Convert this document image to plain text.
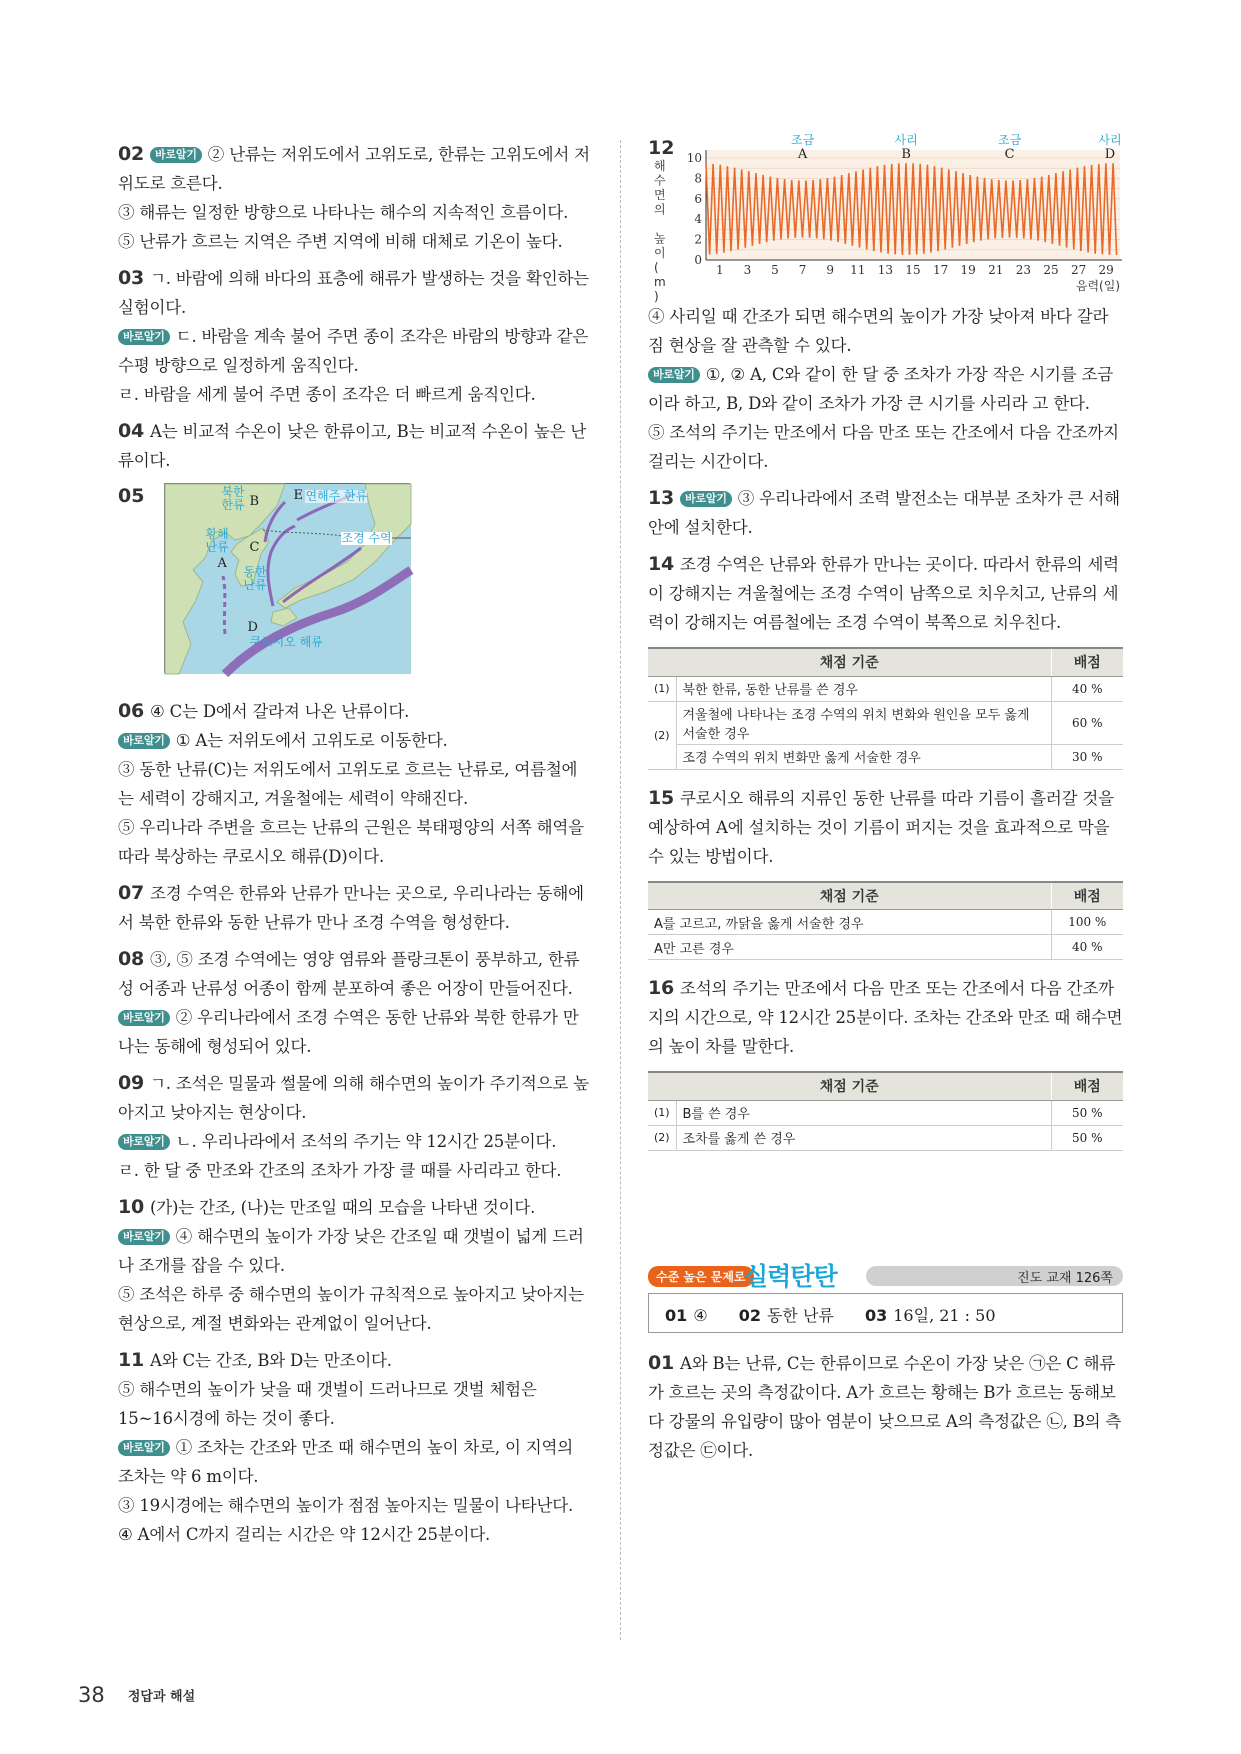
02 바로알기 ② 난류는 저위도에서 고위도로, 한류는 고위도에서 저위도로 흐른다.
③ 해류는 일정한 방향으로 나타나는 해수의 지속적인 흐름이다.
⑤ 난류가 흐르는 지역은 주변 지역에 비해 대체로 기온이 높다.
03 ㄱ. 바람에 의해 바다의 표층에 해류가 발생하는 것을 확인하는 실험이다.
바로알기 ㄷ. 바람을 계속 불어 주면 종이 조각은 바람의 방향과 같은 수평 방향으로 일정하게 움직인다.
ㄹ. 바람을 세게 불어 주면 종이 조각은 더 빠르게 움직인다.
04 A는 비교적 수온이 낮은 한류이고, B는 비교적 수온이 높은 난류이다.
05	북한
한류 B	E 연해주 한류
조경 수역
황해
난류 C
A
동한
난류
D
쿠로시오 해류
06 ④ C는 D에서 갈라져 나온 난류이다.
바로알기 ① A는 저위도에서 고위도로 이동한다.
③ 동한 난류(C)는 저위도에서 고위도로 흐르는 난류로, 여름철에는 세력이 강해지고, 겨울철에는 세력이 약해진다.
⑤ 우리나라 주변을 흐르는 난류의 근원은 북태평양의 서쪽 해역을 따라 북상하는 쿠로시오 해류(D)이다.
07 조경 수역은 한류와 난류가 만나는 곳으로, 우리나라는 동해에서 북한 한류와 동한 난류가 만나 조경 수역을 형성한다.
08 ③, ⑤ 조경 수역에는 영양 염류와 플랑크톤이 풍부하고, 한류성 어종과 난류성 어종이 함께 분포하여 좋은 어장이 만들어진다.
바로알기 ② 우리나라에서 조경 수역은 동한 난류와 북한 한류가 만나는 동해에 형성되어 있다.
09 ㄱ. 조석은 밀물과 썰물에 의해 해수면의 높이가 주기적으로 높아지고 낮아지는 현상이다.
바로알기 ㄴ. 우리나라에서 조석의 주기는 약 12시간 25분이다.
ㄹ. 한 달 중 만조와 간조의 조차가 가장 클 때를 사리라고 한다.
10 (가)는 간조, (나)는 만조일 때의 모습을 나타낸 것이다.
바로알기 ④ 해수면의 높이가 가장 낮은 간조일 때 갯벌이 넓게 드러나 조개를 잡을 수 있다.
⑤ 조석은 하루 중 해수면의 높이가 규칙적으로 높아지고 낮아지는 현상으로, 계절 변화와는 관계없이 일어난다.
11 A와 C는 간조, B와 D는 만조이다.
⑤ 해수면의 높이가 낮을 때 갯벌이 드러나므로 갯벌 체험은 15~16시경에 하는 것이 좋다.
바로알기 ① 조차는 간조와 만조 때 해수면의 높이 차로, 이 지역의 조차는 약 6 m이다.
③ 19시경에는 해수면의 높이가 점점 높아지는 밀물이 나타난다.
④ A에서 C까지 걸리는 시간은 약 12시간 25분이다.
12
해
수
면
의
높
이
(
m
)
0
2
4
6
8
10
1 3 5 7 9 11 13 15 17 19 21 23 25 27 29
음력(일)
조금
A
사리
B
조금
C
사리
D
④ 사리일 때 간조가 되면 해수면의 높이가 가장 낮아져 바다 갈라짐 현상을 잘 관측할 수 있다.
바로알기 ①, ② A, C와 같이 한 달 중 조차가 가장 작은 시기를 조금이라 하고, B, D와 같이 조차가 가장 큰 시기를 사리라 고 한다.
⑤ 조석의 주기는 만조에서 다음 만조 또는 간조에서 다음 간조까지 걸리는 시간이다.
13 바로알기 ③ 우리나라에서 조력 발전소는 대부분 조차가 큰 서해안에 설치한다.
14 조경 수역은 난류와 한류가 만나는 곳이다. 따라서 한류의 세력이 강해지는 겨울철에는 조경 수역이 남쪽으로 치우치고, 난류의 세력이 강해지는 여름철에는 조경 수역이 북쪽으로 치우친다.
채점 기준		배점
(1)	북한 한류, 동한 난류를 쓴 경우	40 %
(2)	겨울철에 나타나는 조경 수역의 위치 변화와 원인을 모두 옳게 서술한 경우	60 %
	조경 수역의 위치 변화만 옳게 서술한 경우	30 %
15 쿠로시오 해류의 지류인 동한 난류를 따라 기름이 흘러갈 것을 예상하여 A에 설치하는 것이 기름이 퍼지는 것을 효과적으로 막을 수 있는 방법이다.
채점 기준	배점
A를 고르고, 까닭을 옳게 서술한 경우	100 %
A만 고른 경우	40 %
16 조석의 주기는 만조에서 다음 만조 또는 간조에서 다음 간조까지의 시간으로, 약 12시간 25분이다. 조차는 간조와 만조 때 해수면의 높이 차를 말한다.
채점 기준		배점
(1)	B를 쓴 경우	50 %
(2)	조차를 옳게 쓴 경우	50 %
수준 높은 문제로
실력탄탄	진도 교재 126쪽
01 ④ 02 동한 난류 03 16일, 21 : 50
01 A와 B는 난류, C는 한류이므로 수온이 가장 낮은 ㉠은 C 해류가 흐르는 곳의 측정값이다. A가 흐르는 황해는 B가 흐르는 동해보다 강물의 유입량이 많아 염분이 낮으므로 A의 측정값은 ㉡, B의 측정값은 ㉢이다.
38 정답과 해설
